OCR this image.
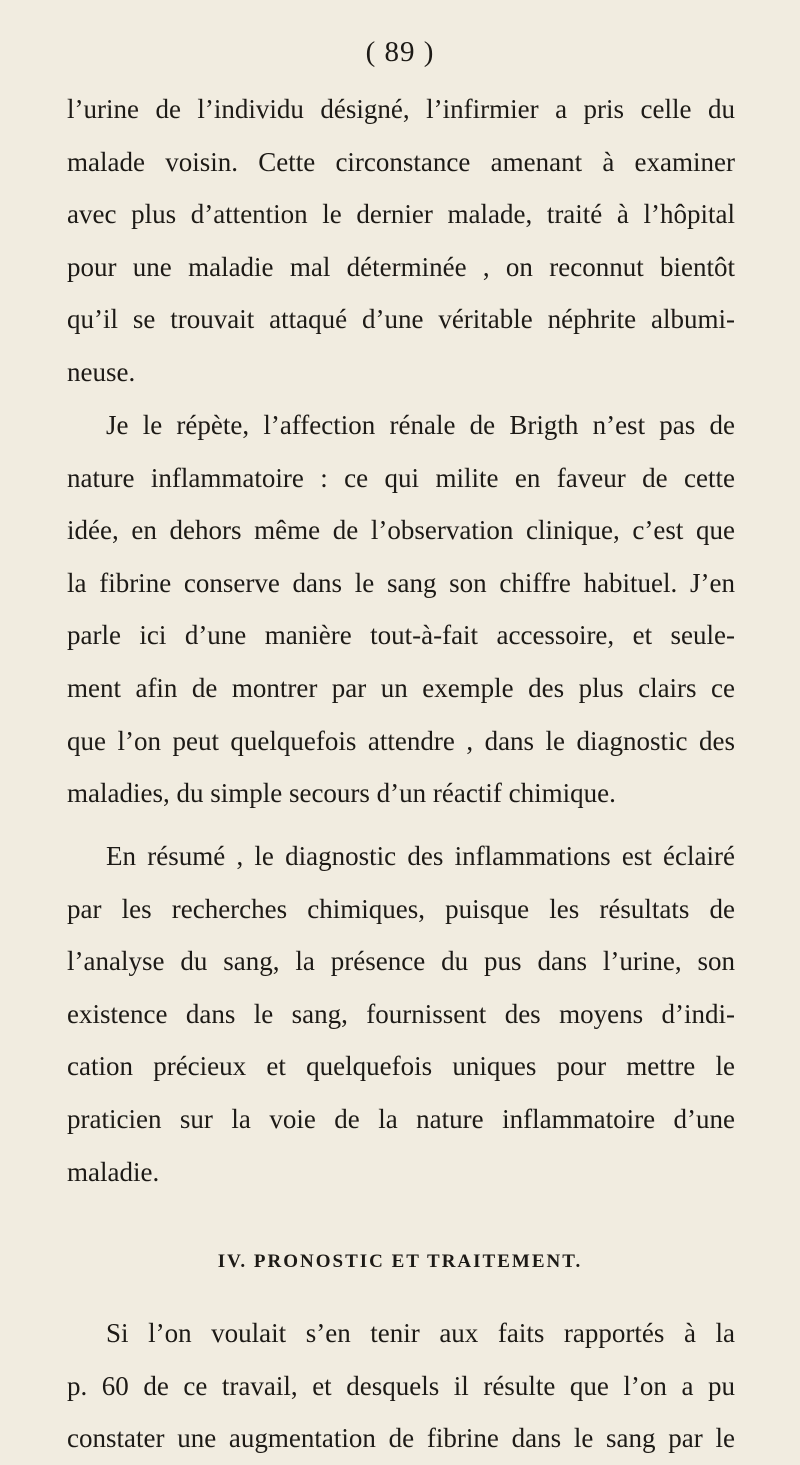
( 89 )

l’urine de l’individu désigné, l’infirmier a pris celle du
malade voisin. Cette circonstance amenant à examiner
avec plus d’attention le dernier malade, traité à l’hôpital
pour une maladie mal déterminée , on reconnut bientôt
qu’il se trouvait attaqué d’une véritable néphrite albumi-
neuse.

Je le répète, l’affection rénale de Brigth n’est pas de
nature inflammatoire : ce qui milite en faveur de cette
idée, en dehors même de l’observation clinique, c’est que
la fibrine conserve dans le sang son chiffre habituel. J’en
parle ici d’une manière tout-à-fait accessoire, et seule-
ment afin de montrer par un exemple des plus clairs ce
que l’on peut quelquefois attendre , dans le diagnostic des
maladies, du simple secours d’un réactif chimique.

En résumé , le diagnostic des inflammations est éclairé
par les recherches chimiques, puisque les résultats de
l’analyse du sang, la présence du pus dans l’urine, son
existence dans le sang, fournissent des moyens d’indi-
cation précieux et quelquefois uniques pour mettre le
praticien sur la voie de la nature inflammatoire d’une
maladie.

IV. PRONOSTIC ET TRAITEMENT.

Si l’on voulait s’en tenir aux faits rapportés à la
p. 60 de ce travail, et desquels il résulte que l’on a pu
constater une augmentation de fibrine dans le sang par le
